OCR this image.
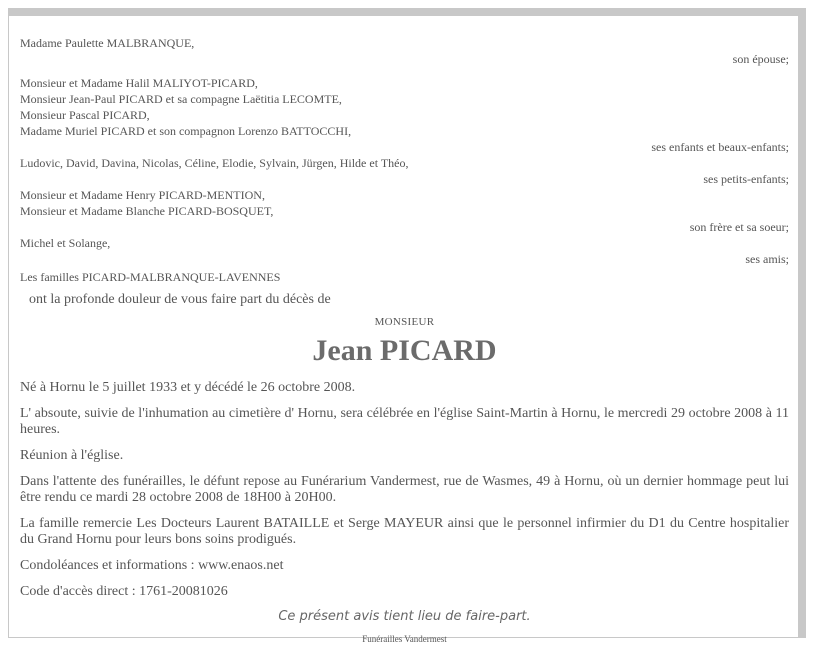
Madame Paulette MALBRANQUE,
son épouse;
Monsieur et Madame Halil MALIYOT-PICARD,
Monsieur Jean-Paul PICARD et sa compagne Laëtitia LECOMTE,
Monsieur Pascal PICARD,
Madame Muriel PICARD et son compagnon Lorenzo BATTOCCHI,
ses enfants et beaux-enfants;
Ludovic, David, Davina, Nicolas, Céline, Elodie, Sylvain, Jürgen, Hilde et Théo,
ses petits-enfants;
Monsieur et Madame Henry PICARD-MENTION,
Monsieur et Madame Blanche PICARD-BOSQUET,
son frère et sa soeur;
Michel et Solange,
ses amis;
Les familles PICARD-MALBRANQUE-LAVENNES
ont la profonde douleur de vous faire part du décès de
MONSIEUR
Jean PICARD
Né à Hornu le 5 juillet 1933 et y décédé le 26 octobre 2008.
L' absoute, suivie de l'inhumation au cimetière d' Hornu, sera célébrée en l'église Saint-Martin à Hornu, le mercredi 29 octobre 2008 à 11 heures.
Réunion à l'église.
Dans l'attente des funérailles, le défunt repose au Funérarium Vandermest, rue de Wasmes, 49 à Hornu, où un dernier hommage peut lui être rendu ce mardi 28 octobre 2008 de 18H00 à 20H00.
La famille remercie Les Docteurs Laurent BATAILLE et Serge MAYEUR ainsi que le personnel infirmier du D1 du Centre hospitalier du Grand Hornu pour leurs bons soins prodigués.
Condoléances et informations : www.enaos.net
Code d'accès direct : 1761-20081026
Ce présent avis tient lieu de faire-part.
Funérailles Vandermest
